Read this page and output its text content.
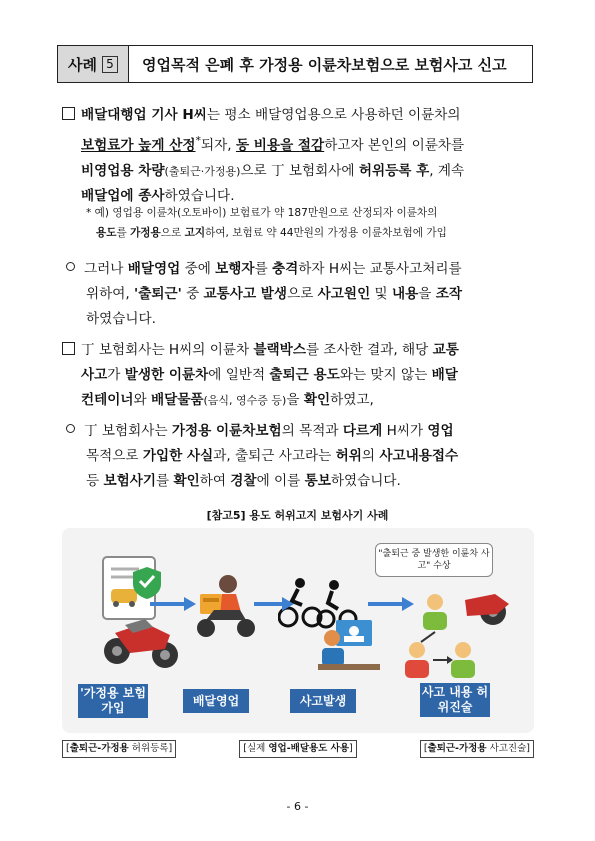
사례 5	영업목적 은폐 후 가정용 이륜차보험으로 보험사고 신고
배달대행업 기사 H씨는 평소 배달영업용으로 사용하던 이륜차의
보험료가 높게 산정*되자, 동 비용을 절감하고자 본인의 이륜차를
비영업용 차량(출퇴근·가정용)으로 丁 보험회사에 허위등록 후, 계속
배달업에 종사하였습니다.
* 예) 영업용 이륜차(오토바이) 보험료가 약 187만원으로 산정되자 이륜차의
용도를 가정용으로 고지하여, 보험료 약 44만원의 가정용 이륜차보험에 가입
그러나 배달영업 중에 보행자를 충격하자 H씨는 교통사고처리를
위하여, '출퇴근' 중 교통사고 발생으로 사고원인 및 내용을 조작
하였습니다.
丁 보험회사는 H씨의 이륜차 블랙박스를 조사한 결과, 해당 교통
사고가 발생한 이륜차에 일반적 출퇴근 용도와는 맞지 않는 배달
컨테이너와 배달물품(음식, 영수증 등)을 확인하였고,
丁 보험회사는 가정용 이륜차보험의 목적과 다르게 H씨가 영업
목적으로 가입한 사실과, 출퇴근 사고라는 허위의 사고내용접수
등 보험사기를 확인하여 경찰에 이를 통보하였습니다.
[참고5] 용도 허위고지 보험사기 사례
"출퇴근 중 발생한 이륜차 사고" 수상
'가정용 보험가입
배달영업	사고발생
사고 내용 허위진술
[출퇴근-가정용 허위등록]	[실제 영업-배달용도 사용]	[출퇴근-가정용 사고진술]
- 6 -
